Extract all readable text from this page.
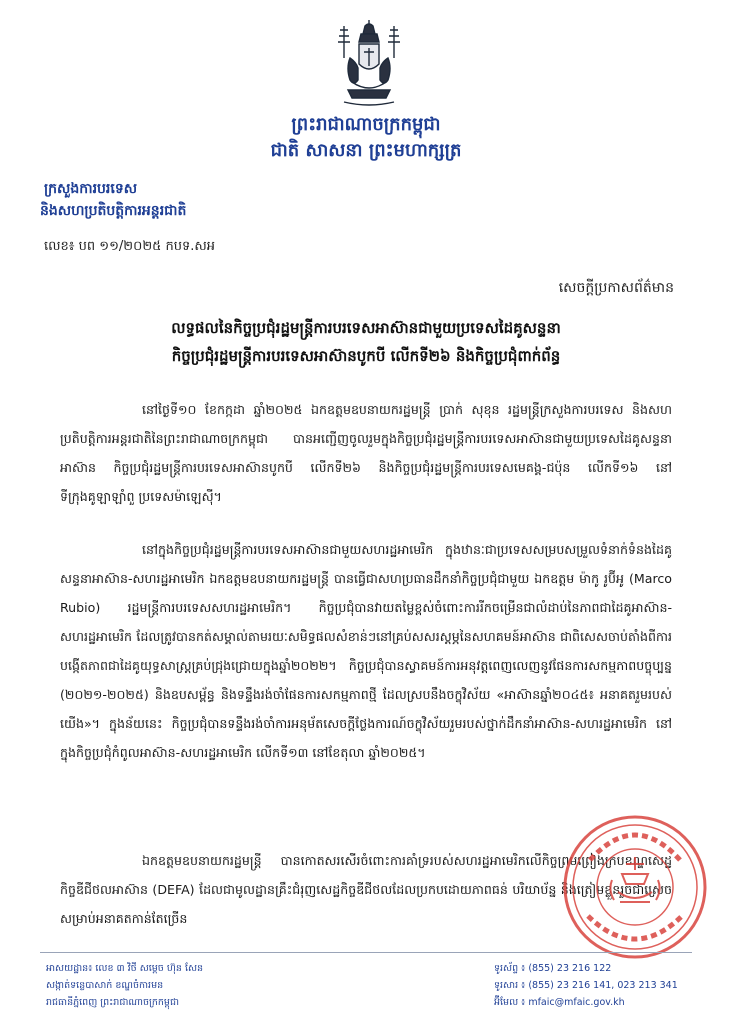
ព្រះរាជាណាចក្រកម្ពុជា
ជាតិ សាសនា ព្រះមហាក្សត្រ
ក្រសួងការបរទេស
និងសហប្រតិបត្តិការអន្តរជាតិ
លេខ៖ បព ១១/២០២៥ កបទ.សអ
សេចក្តីប្រកាសព័ត៌មាន
លទ្ធផលនៃកិច្ចប្រជុំរដ្ឋមន្ត្រីការបរទេសអាស៊ានជាមួយប្រទេសដៃគូសន្ទនា
កិច្ចប្រជុំរដ្ឋមន្ត្រីការបរទេសអាស៊ានបូកបី លើកទី២៦ និងកិច្ចប្រជុំពាក់ព័ន្ធ
នៅថ្ងៃទី១០ ខែកក្កដា ឆ្នាំ២០២៥ ឯកឧត្តមឧបនាយករដ្ឋមន្ត្រី ប្រាក់ សុខុន រដ្ឋមន្ត្រីក្រសួងការបរទេស និងសហប្រតិបត្តិការអន្តរជាតិនៃព្រះរាជាណាចក្រកម្ពុជា បានអញ្ជើញចូលរួមក្នុងកិច្ចប្រជុំរដ្ឋមន្ត្រីការបរទេសអាស៊ានជាមួយប្រទេសដៃគូសន្ទនាអាស៊ាន កិច្ចប្រជុំរដ្ឋមន្ត្រីការបរទេសអាស៊ានបូកបី លើកទី២៦ និងកិច្ចប្រជុំរដ្ឋមន្ត្រីការបរទេសមេគង្គ-ជប៉ុន លើកទី១៦ នៅទីក្រុងគូឡាឡាំពួ ប្រទេសម៉ាឡេស៊ី។
នៅក្នុងកិច្ចប្រជុំរដ្ឋមន្ត្រីការបរទេសអាស៊ានជាមួយសហរដ្ឋអាមេរិក ក្នុងឋានៈជាប្រទេសសម្របសម្រួលទំនាក់ទំនងដៃគូសន្ទនាអាស៊ាន-សហរដ្ឋអាមេរិក ឯកឧត្តមឧបនាយករដ្ឋមន្ត្រី បានធ្វើជាសហប្រធានដឹកនាំកិច្ចប្រជុំជាមួយ ឯកឧត្តម ម៉ាកូ រូប៊ីអូ (Marco Rubio) រដ្ឋមន្ត្រីការបរទេសសហរដ្ឋអាមេរិក។ កិច្ចប្រជុំបានវាយតម្លៃខ្ពស់ចំពោះការរីកចម្រើនជាលំដាប់នៃភាពជាដៃគូអាស៊ាន-សហរដ្ឋអាមេរិក ដែលត្រូវបានកត់សម្គាល់តាមរយៈសមិទ្ធផលសំខាន់ៗនៅគ្រប់សសរស្តម្ភនៃសហគមន៍អាស៊ាន ជាពិសេសចាប់តាំងពីការបង្កើតភាពជាដៃគូយុទ្ធសាស្ត្រគ្រប់ជ្រុងជ្រោយក្នុងឆ្នាំ២០២២។ កិច្ចប្រជុំបានស្វាគមន៍ការអនុវត្តពេញលេញនូវផែនការសកម្មភាពបច្ចុប្បន្ន (២០២១-២០២៥) និងឧបសម្ព័ន្ធ និងទន្ទឹងរង់ចាំផែនការសកម្មភាពថ្មី ដែលស្របនឹងចក្ខុវិស័យ «អាស៊ានឆ្នាំ២០៤៥៖ អនាគតរួមរបស់យើង»។ ក្នុងន័យនេះ កិច្ចប្រជុំបានទន្ទឹងរង់ចាំការអនុម័តសេចក្តីថ្លែងការណ៍ចក្ខុវិស័យរួមរបស់ថ្នាក់ដឹកនាំអាស៊ាន-សហរដ្ឋអាមេរិក នៅក្នុងកិច្ចប្រជុំកំពូលអាស៊ាន-សហរដ្ឋអាមេរិក លើកទី១៣ នៅខែតុលា ឆ្នាំ២០២៥។
ឯកឧត្តមឧបនាយករដ្ឋមន្ត្រី បានកោតសរសើរចំពោះការគាំទ្ររបស់សហរដ្ឋអាមេរិកលើកិច្ចព្រមព្រៀងក្របខណ្ឌសេដ្ឋកិច្ចឌីជីថលអាស៊ាន (DEFA) ដែលជាមូលដ្ឋានគ្រឹះជំរុញសេដ្ឋកិច្ចឌីជីថលដែលប្រកបដោយភាពធន់ បរិយាប័ន្ន និងត្រៀមខ្លួនរួចជាស្រេចសម្រាប់អនាគតកាន់តែច្រើន
អាសយដ្ឋាន៖ លេខ ៣ វិថី សម្តេច ហ៊ុន សែន
សង្កាត់ទន្លេបាសាក់ ខណ្ឌចំការមន
រាជធានីភ្នំពេញ ព្រះរាជាណាចក្រកម្ពុជា
ទូរស័ព្ទ ៖ (855) 23 216 122
ទូរសារ ៖ (855) 23 216 141, 023 213 341
អ៊ីមែល ៖ mfaic@mfaic.gov.kh
